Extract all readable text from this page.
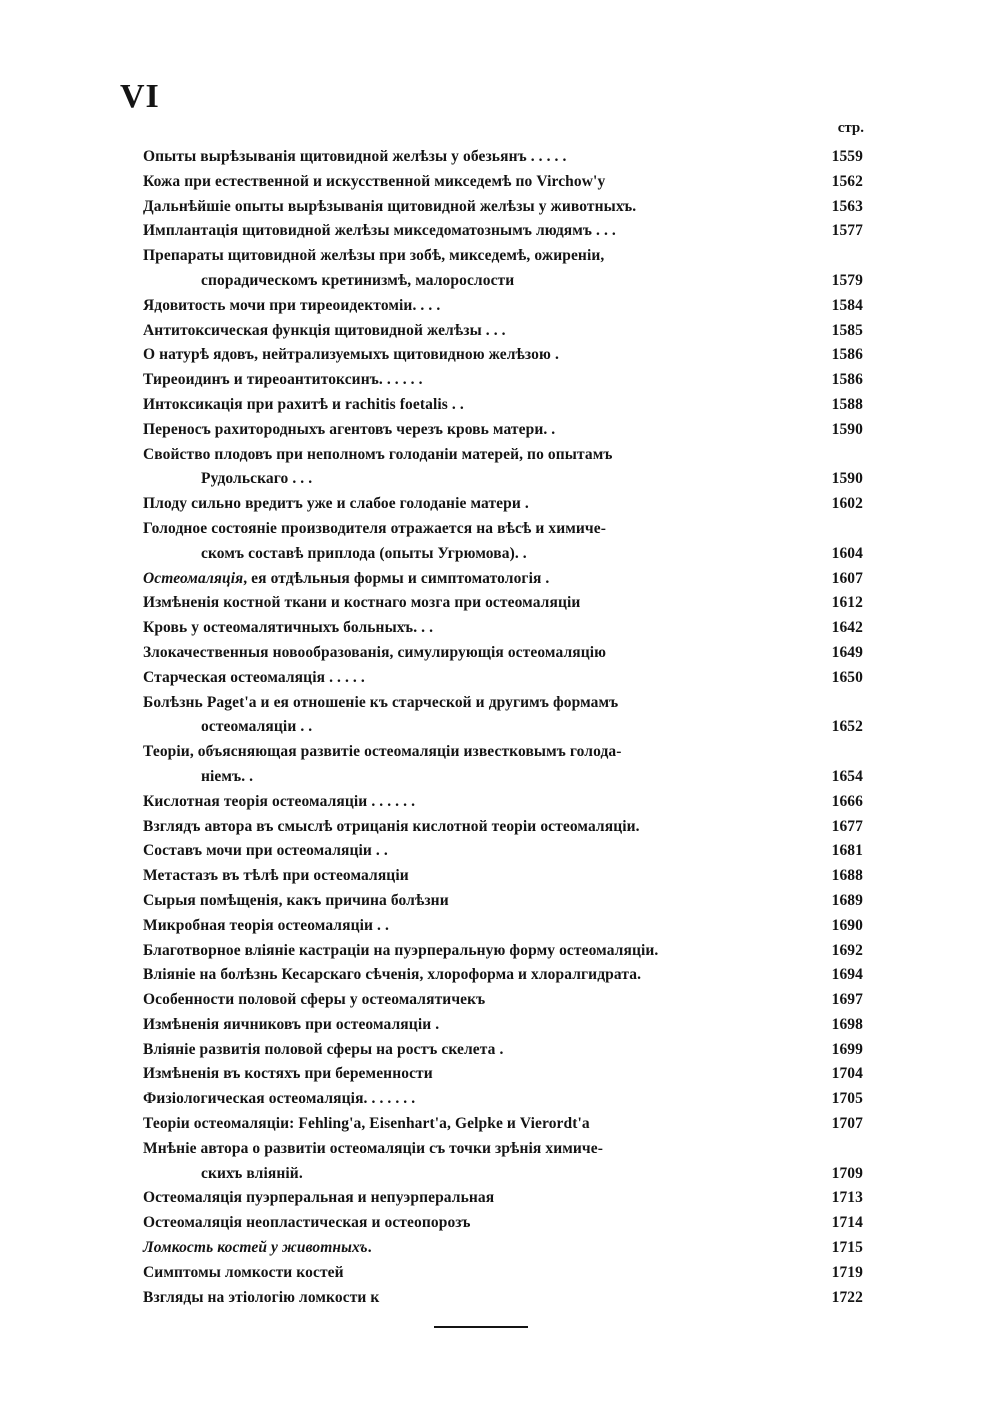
VI
стр.
Опыты вырѣзыванія щитовидной желѣзы у обезьянъ . . . . .	1559
Кожа при естественной и искусственной микседемѣ по Virchow'y	1562
Дальнѣйшіе опыты вырѣзыванія щитовидной желѣзы у животныхъ.	1563
Имплантація щитовидной желѣзы микседоматознымъ людямъ . . .	1577
Препараты щитовидной желѣзы при зобѣ, микседемѣ, ожиреніи,
спорадическомъ кретинизмѣ, малорослости	1579
Ядовитость мочи при тиреоидектоміи. . . .	1584
Антитоксическая функція щитовидной желѣзы . . .	1585
О натурѣ ядовъ, нейтрализуемыхъ щитовидною желѣзою .	1586
Тиреоидинъ и тиреоантитоксинъ. . . . . .	1586
Интоксикація при рахитѣ и rachitis foetalis . .	1588
Переносъ рахитородныхъ агентовъ черезъ кровь матери. .	1590
Свойство плодовъ при неполномъ голоданіи матерей, по опытамъ
Рудольскаго . . .	1590
Плоду сильно вредитъ уже и слабое голоданіе матери .	1602
Голодное состояніе производителя отражается на вѣсѣ и химиче-
скомъ составѣ приплода (опыты Угрюмова). .	1604
Остеомаляція, ея отдѣльныя формы и симптоматологія .	1607
Измѣненія костной ткани и костнаго мозга при остеомаляціи	1612
Кровь у остеомалятичныхъ больныхъ. . .	1642
Злокачественныя новообразованія, симулирующія остеомаляцію	1649
Старческая остеомаляція . . . . .	1650
Болѣзнь Paget'a и ея отношеніе къ старческой и другимъ формамъ
остеомаляціи . .	1652
Теоріи, объясняющая развитіе остеомаляціи известковымъ голода-
ніемъ. .	1654
Кислотная теорія остеомаляціи . . . . . .	1666
Взглядъ автора въ смыслѣ отрицанія кислотной теоріи остеомаляціи.	1677
Составъ мочи при остеомаляціи . .	1681
Метастазъ въ тѣлѣ при остеомаляціи	1688
Сырыя помѣщенія, какъ причина болѣзни	1689
Микробная теорія остеомаляціи . .	1690
Благотворное вліяніе кастраціи на пуэрперальную форму остеомаляціи.	1692
Вліяніе на болѣзнь Кесарскаго сѣченія, хлороформа и хлоралгидрата.	1694
Особенности половой сферы у остеомалятичекъ	1697
Измѣненія яичниковъ при остеомаляціи .	1698
Вліяніе развитія половой сферы на ростъ скелета .	1699
Измѣненія въ костяхъ при беременности	1704
Физіологическая остеомаляція. . . . . . .	1705
Теоріи остеомаляціи: Fehling'a, Eisenhart'a, Gelpke и Vierordt'a	1707
Мнѣніе автора о развитіи остеомаляціи съ точки зрѣнія химиче-
скихъ вліяній.	1709
Остеомаляція пуэрперальная и непуэрперальная	1713
Остеомаляція неопластическая и остеопорозъ	1714
Ломкость костей у животныхъ.	1715
Симптомы ломкости костей	1719
Взгляды на этіологію ломкости к	1722
